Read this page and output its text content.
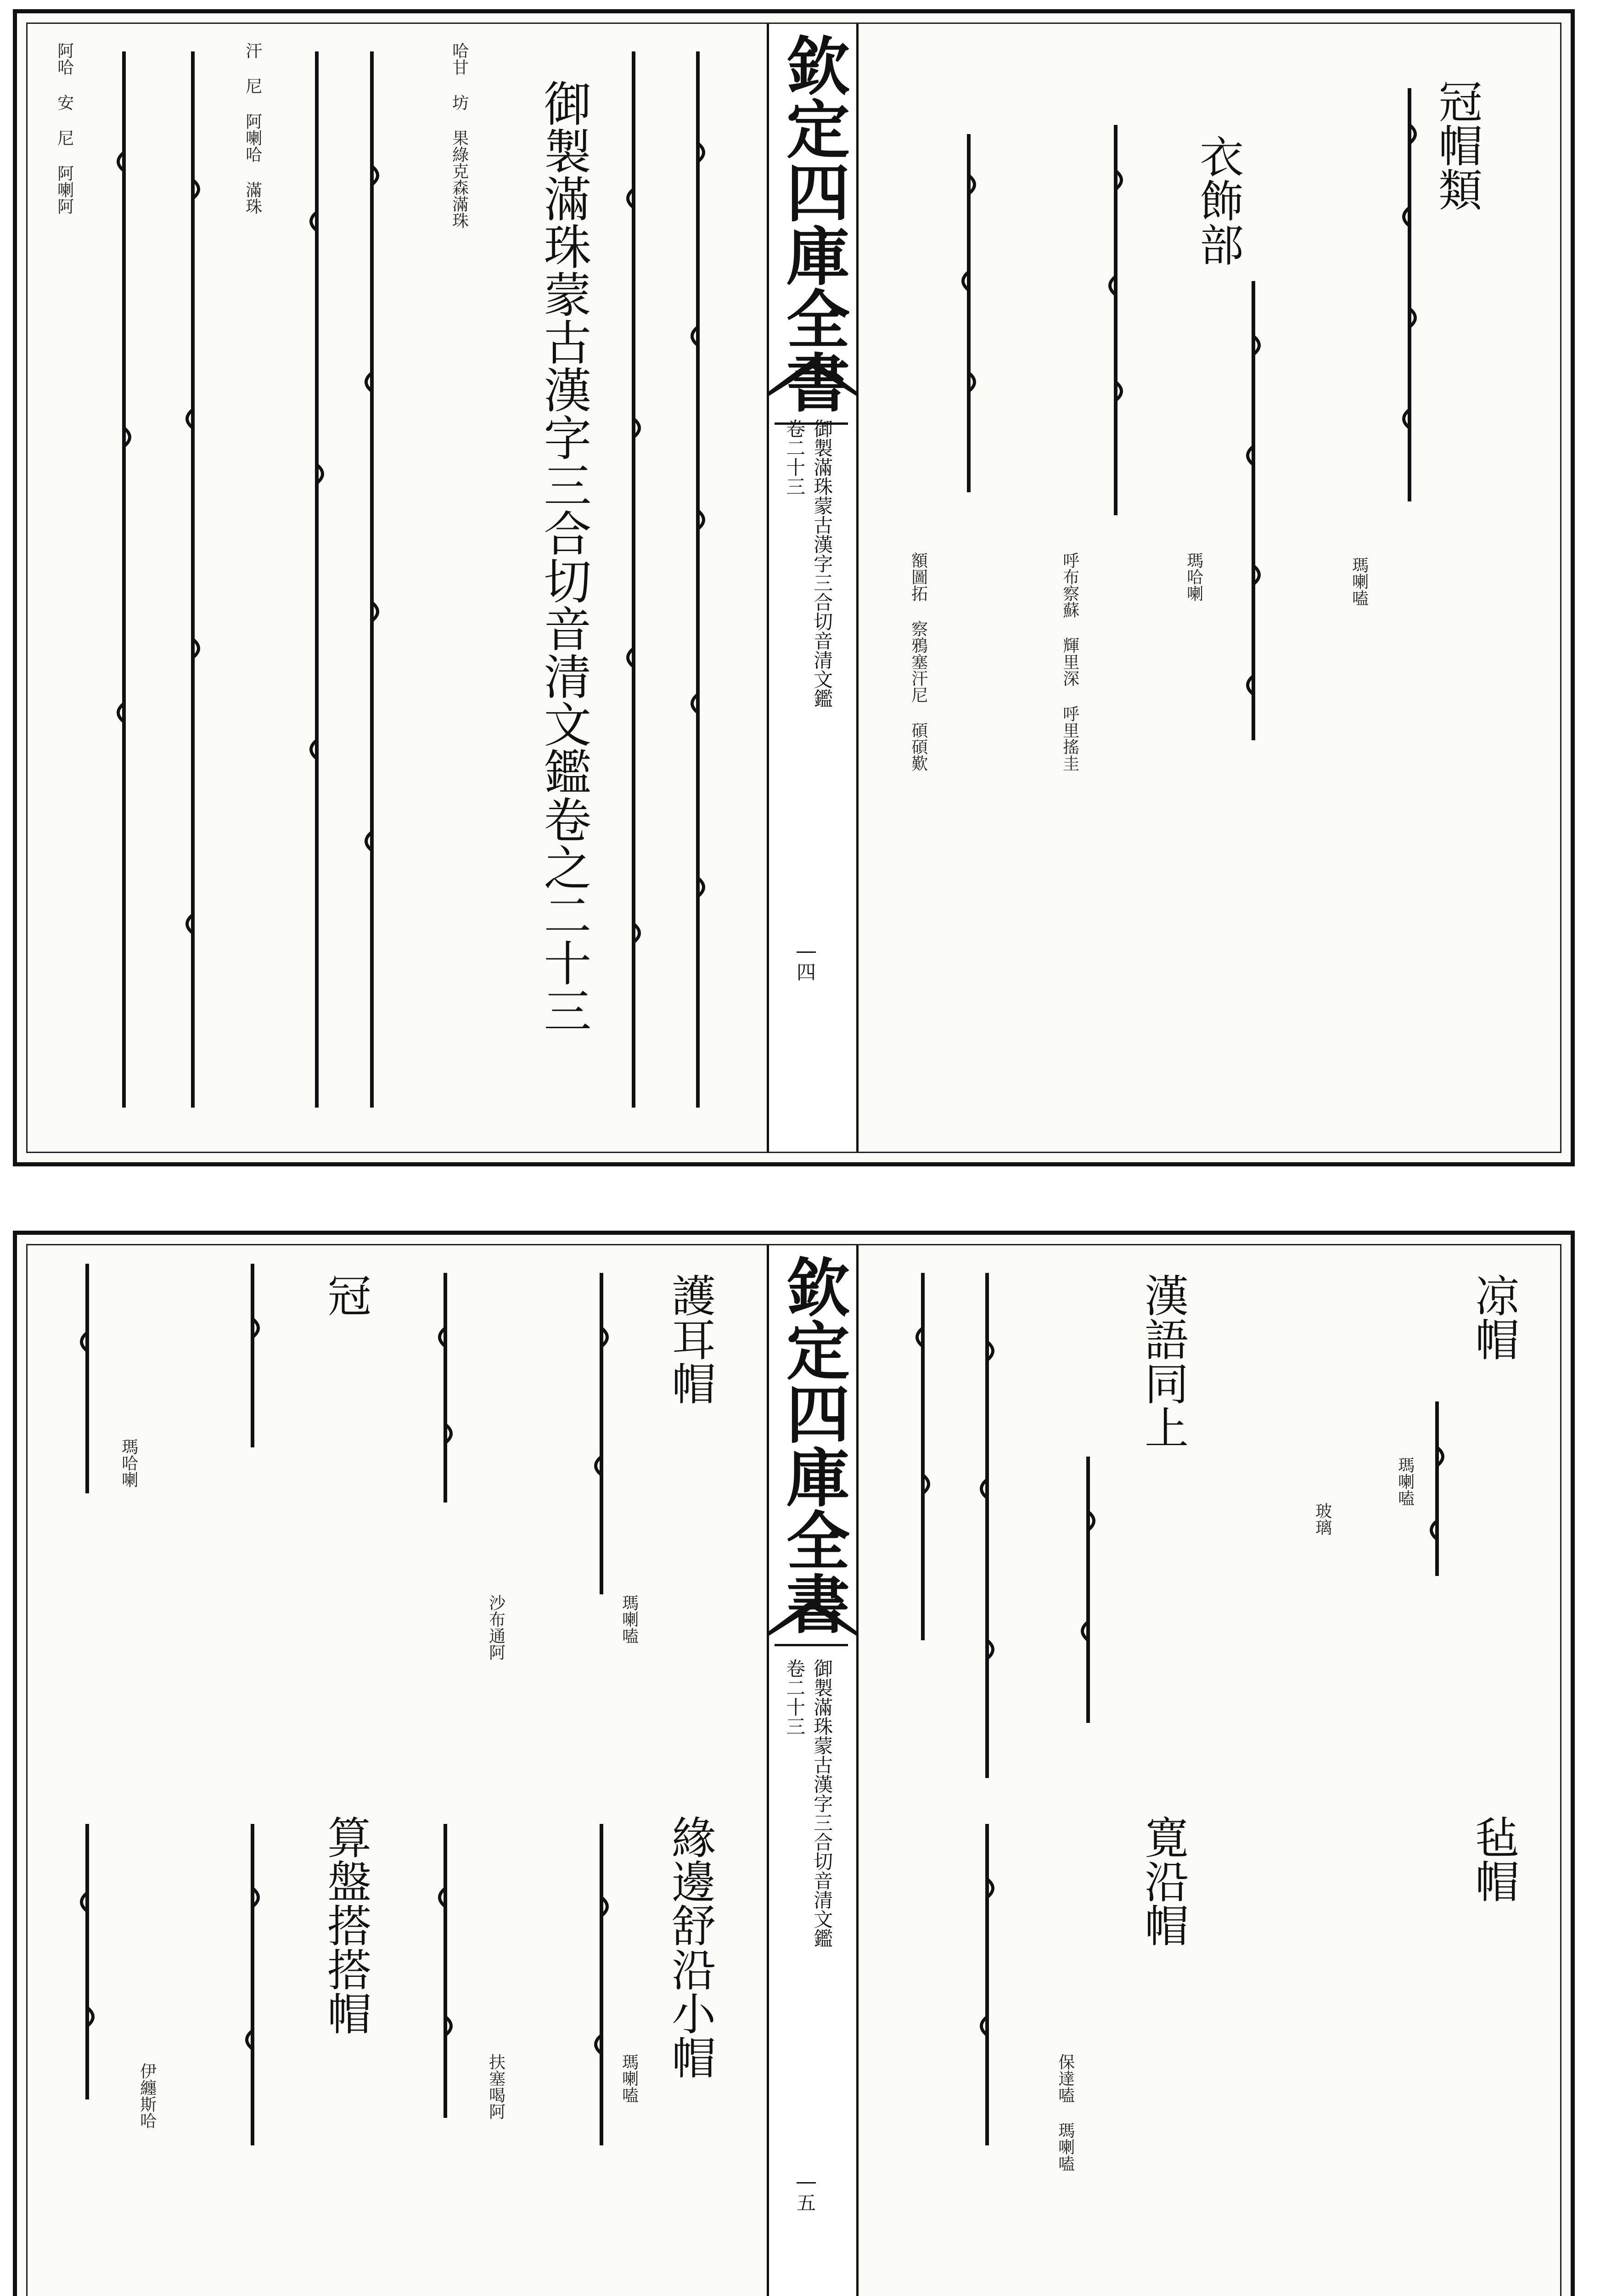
冠帽類
衣飾部
瑪喇嗑
瑪哈喇
呼布察蘇 輝里深 呼里搖圭
額圖拓 察鴉塞汗尼 碩碩歎
欽定四庫全書
卷二十三 御製滿珠蒙古漢字三合切音清文鑑
四
御製滿珠蒙古漢字三合切音清文鑑卷之二十三
哈甘 坊 果綠克森滿珠
汗 尼 阿喇哈 滿珠
阿哈 安 尼 阿喇阿
凉帽
漢語同上
毡帽
寛沿帽
瑪喇嗑
玻璃
保達嗑 瑪喇嗑
欽定四庫全書
卷二十三 御製滿珠蒙古漢字三合切音清文鑑
五
護耳帽
冠
緣邊舒沿小帽
算盤搭搭帽
瑪喇嗑
瑪哈喇
沙布通阿
扶塞喝阿	瑪喇嗑
伊纏斯哈
